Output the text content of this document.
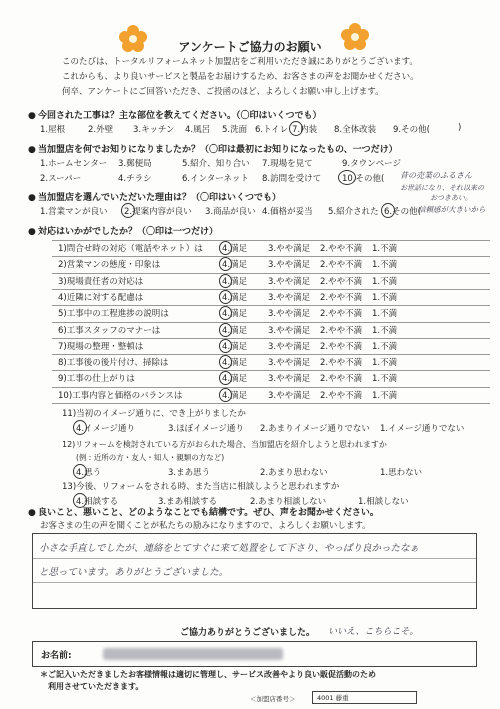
アンケートご協力のお願い
このたびは、トータルリフォームネット加盟店をご利用いただき誠にありがとうございます。
これからも、より良いサービスと製品をお届けするため、お客さまの声をお聞かせください。
何卒、アンケートにご回答いただき、ご投函のほど、よろしくお願い申し上げます。
● 今回された工事は？主な部位を教えてください。（〇印はいくつでも）
1.屋根	2.外壁 3.キッチン 4.風呂 5.洗面 6.トイレ 7.内装 8.全体改装 9.その他(	)
● 当加盟店を何でお知りになりましたか？（〇印は最初にお知りになったもの、一つだけ）
1.ホームセンター 3.郵便局	5.紹介、知り合い 7.現場を見て	9.タウンページ
2.スーパー	4.チラシ	6.インターネット 8.訪問を受けて 10.その他( 昔の売業のふるさん
● 当加盟店を選んでいただいた理由は？（〇印はいくつでも）
お世話になり、それ以来の
おつきあい。
1.営業マンが良い 2.提案内容が良い 3.商品が良い 4.価格が妥当 5.紹介された 6.その他(
信頼感が大きいから
● 対応はいかがでしたか？（〇印は一つだけ）
11)当初のイメージ通りに、でき上がりましたか
4.イメージ通り	3.ほぼイメージ通り 2.あまりイメージ通りでない 1.イメージ通りでない
12)リフォームを検討されている方がおられた場合、当加盟店を紹介しようと思われますか
(例 : 近所の方・友人・知人・親類の方など)
4.思う	3.まあ思う	2.あまり思わない	1.思わない
13)今後、リフォームをされる時、また当店に相談しようと思われますか
4.相談する	3.まあ相談する	2.あまり相談しない	1.相談しない
● 良いこと、悪いこと、どのようなことでも結構です。ぜひ、声をお聞かせください。
お客さまの生の声を聞くことが私たちの励みになりますので、よろしくお願いします。
小さな手直しでしたが、連絡をとてすぐに来て処置をして下さり、やっぱり良かったなぁ
と思っています。ありがとうございました。
ご協力ありがとうございました。 いいえ、こちらこそ。
お名前:
＊ご記入いただきましたお客様情報は適切に管理し、サービス改善やより良い販促活動のため
利用させていただきます。
＜加盟店番号＞	4001 藤重
1)問合せ時の対応（電話やネット）は 4.満足 3.やや満足 2.やや不満 1.不満
2)営業マンの態度・印象は	4.満足 3.やや満足 2.やや不満 1.不満
3)現場責任者の対応は	4.満足 3.やや満足 2.やや不満 1.不満
4)近隣に対する配慮は	4.満足 3.やや満足 2.やや不満 1.不満
5)工事中の工程進捗の説明は	4.満足 3.やや満足 2.やや不満 1.不満
6)工事スタッフのマナーは	4.満足 3.やや満足 2.やや不満 1.不満
7)現場の整理・整頓は	4.満足 3.やや満足 2.やや不満 1.不満
8)工事後の後片付け、掃除は	4.満足 3.やや満足 2.やや不満 1.不満
9)工事の仕上がりは	4.満足 3.やや満足 2.やや不満 1.不満
10)工事内容と価格のバランスは	4.満足 3.やや満足 2.やや不満 1.不満
